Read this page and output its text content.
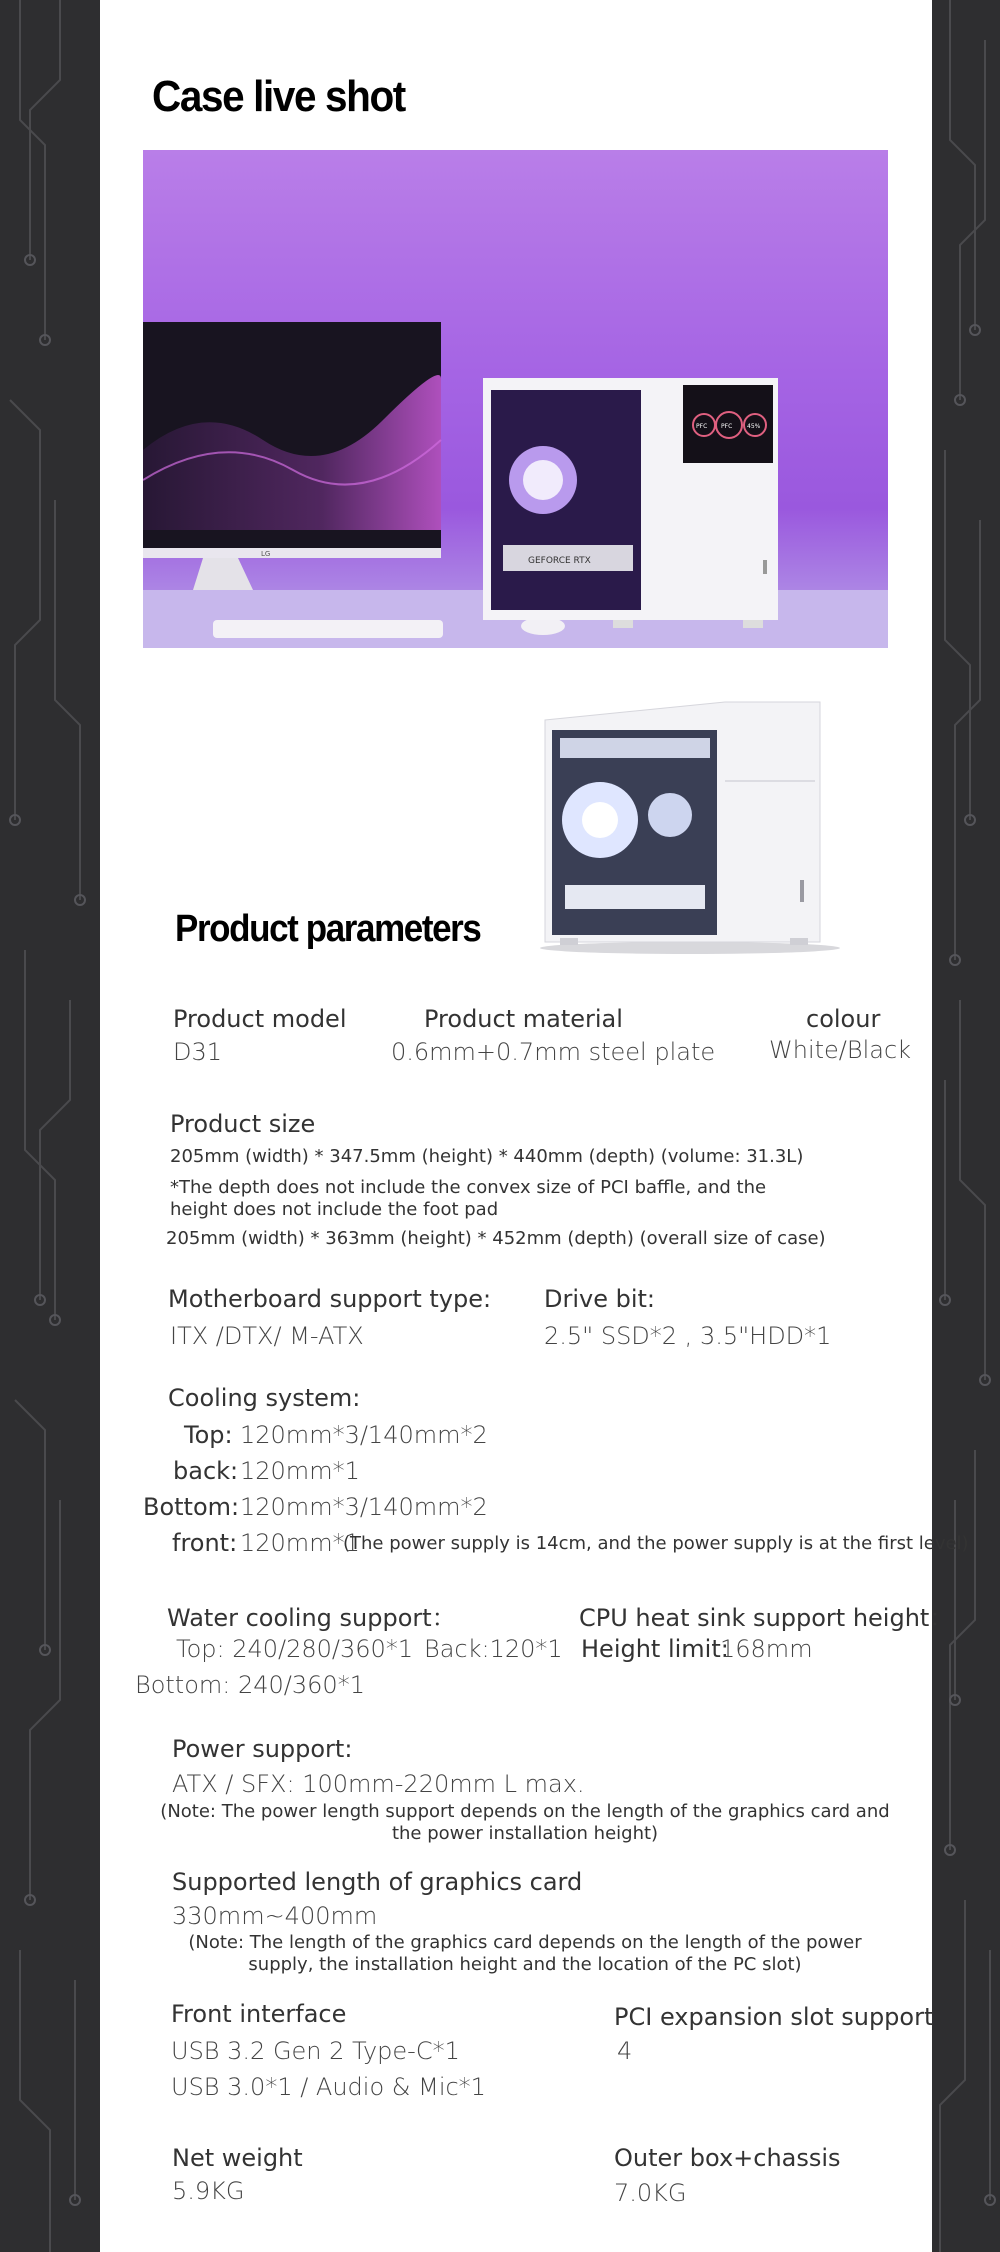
Case live shot
LG
GEFORCE RTX
PFC PFC 45%
Product parameters
Product model
D31
Product material
0.6mm+0.7mm steel plate
colour
White/Black
Product size
205mm (width) * 347.5mm (height) * 440mm (depth) (volume: 31.3L)
*The depth does not include the convex size of PCI baffle, and the height does not include the foot pad
205mm (width) * 363mm (height) * 452mm (depth) (overall size of case)
Motherboard support type:
ITX /DTX/ M-ATX
Drive bit:
2.5" SSD*2 , 3.5"HDD*1
Cooling system:
Top: 120mm*3/140mm*2
back: 120mm*1
Bottom: 120mm*3/140mm*2
front: 120mm*1
(The power supply is 14cm, and the power supply is at the first level)
Water cooling support：
Top: 240/280/360*1 Back:120*1
Bottom: 240/360*1
CPU heat sink support height：
Height limit:
168mm
Power support:
ATX / SFX: 100mm-220mm L max.
(Note: The power length support depends on the length of the graphics card and the power installation height)
Supported length of graphics card
330mm~400mm
(Note: The length of the graphics card depends on the length of the power supply, the installation height and the location of the PC slot)
Front interface
USB 3.2 Gen 2 Type-C*1
USB 3.0*1 / Audio & Mic*1
PCI expansion slot support
4
Net weight
5.9KG
Outer box+chassis
7.0KG
